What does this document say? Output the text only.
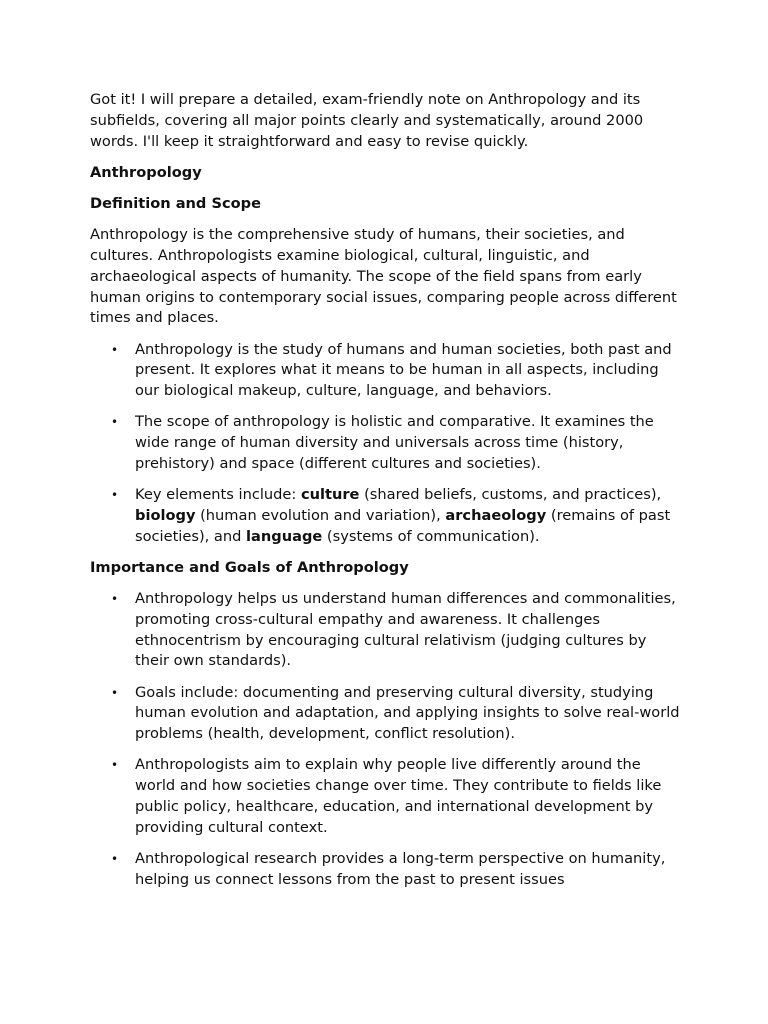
Got it! I will prepare a detailed, exam-friendly note on Anthropology and its subfields, covering all major points clearly and systematically, around 2000 words. I'll keep it straightforward and easy to revise quickly.

Anthropology
Definition and Scope

Anthropology is the comprehensive study of humans, their societies, and cultures. Anthropologists examine biological, cultural, linguistic, and archaeological aspects of humanity. The scope of the field spans from early human origins to contemporary social issues, comparing people across different times and places.

• Anthropology is the study of humans and human societies, both past and present. It explores what it means to be human in all aspects, including our biological makeup, culture, language, and behaviors.
• The scope of anthropology is holistic and comparative. It examines the wide range of human diversity and universals across time (history, prehistory) and space (different cultures and societies).
• Key elements include: culture (shared beliefs, customs, and practices), biology (human evolution and variation), archaeology (remains of past societies), and language (systems of communication).
Importance and Goals of Anthropology
• Anthropology helps us understand human differences and commonalities, promoting cross-cultural empathy and awareness. It challenges ethnocentrism by encouraging cultural relativism (judging cultures by their own standards).
• Goals include: documenting and preserving cultural diversity, studying human evolution and adaptation, and applying insights to solve real-world problems (health, development, conflict resolution).
• Anthropologists aim to explain why people live differently around the world and how societies change over time. They contribute to fields like public policy, healthcare, education, and international development by providing cultural context.
• Anthropological research provides a long-term perspective on humanity, helping us connect lessons from the past to present issues
